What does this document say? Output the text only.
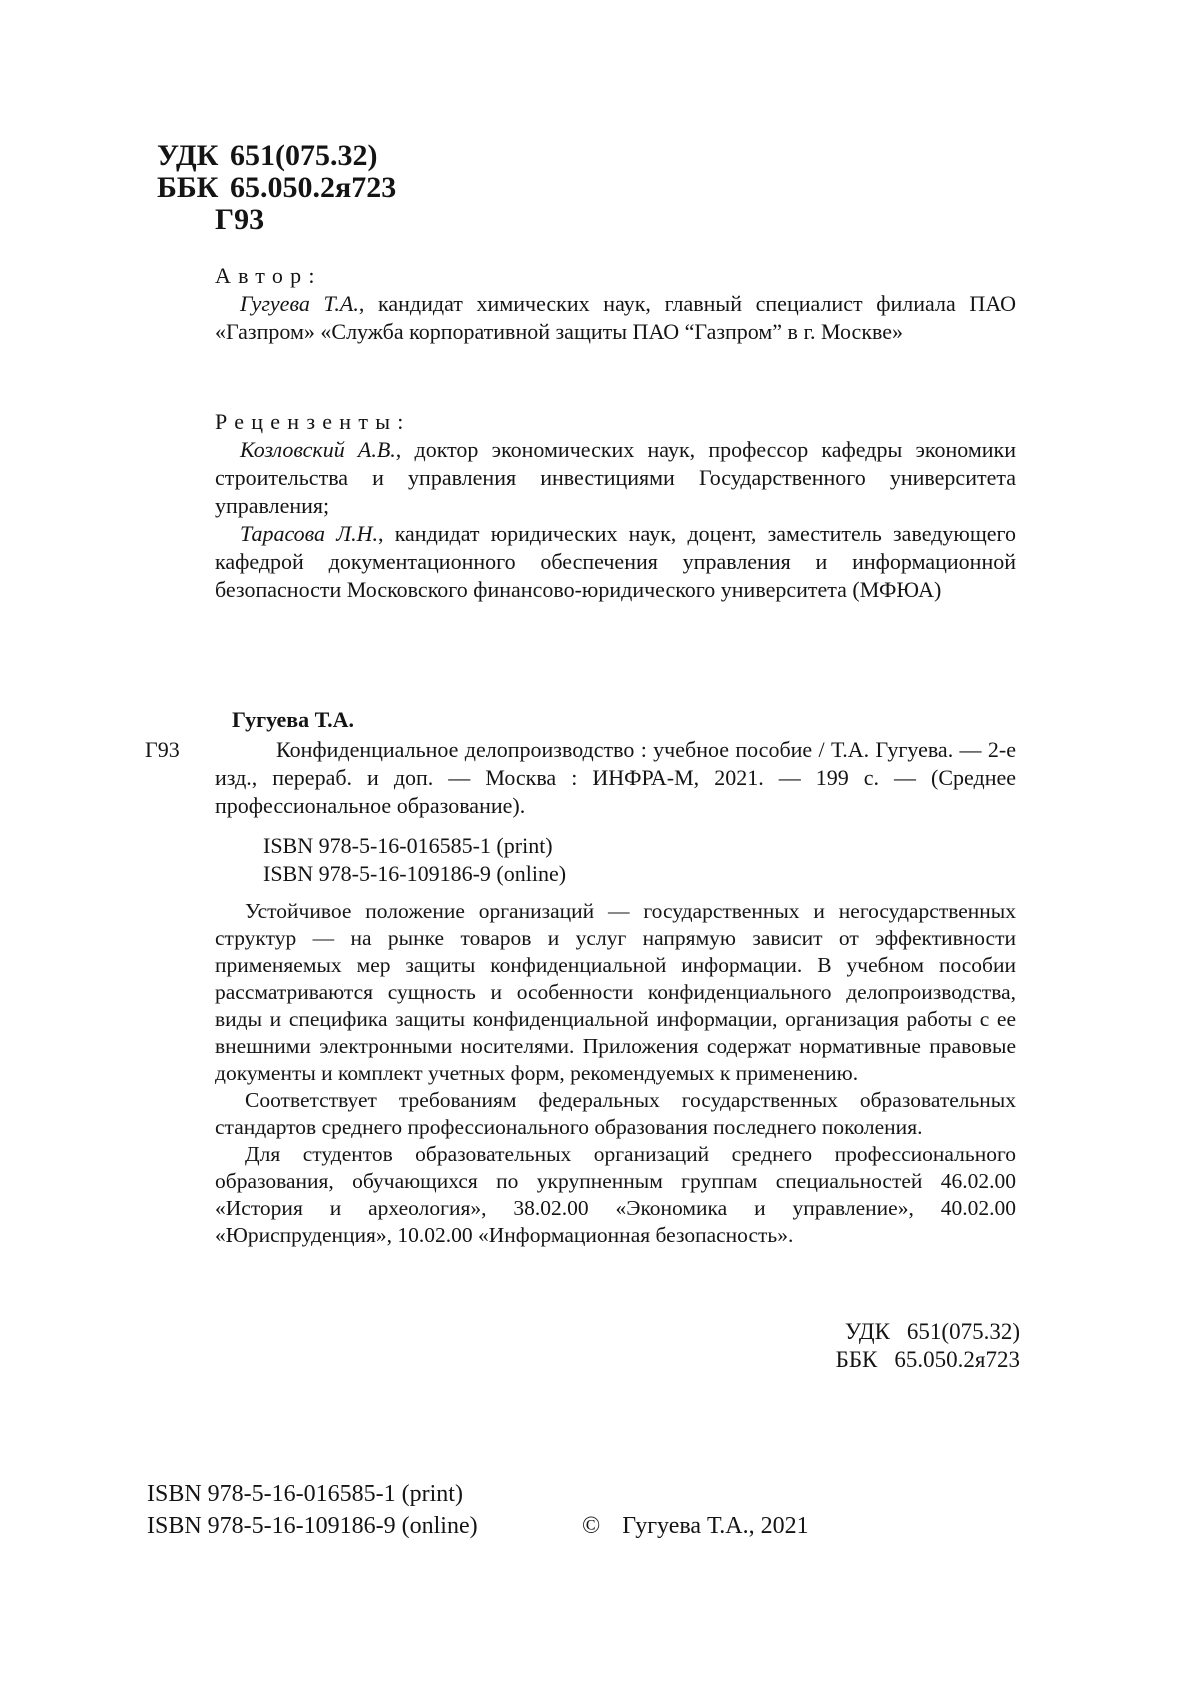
УДК 651(075.32)
ББК 65.050.2я723
Г93
Автор:

Гугуева Т.А., кандидат химических наук, главный специалист филиала ПАО «Газпром» «Служба корпоративной защиты ПАО “Газпром” в г. Москве»

Рецензенты:

Козловский А.В., доктор экономических наук, профессор кафедры экономики строительства и управления инвестициями Государственного университета управления;

Тарасова Л.Н., кандидат юридических наук, доцент, заместитель заведующего кафедрой документационного обеспечения управления и информационной безопасности Московского финансово-юридического университета (МФЮА)

Гугуева Т.А.
Г93	Конфиденциальное делопроизводство : учебное пособие / Т.А. Гугуева. — 2-е изд., перераб. и доп. — Москва : ИНФРА-М, 2021. — 199 с. — (Среднее профессиональное образование).

ISBN 978-5-16-016585-1 (print)
ISBN 978-5-16-109186-9 (online)

Устойчивое положение организаций — государственных и негосударственных структур — на рынке товаров и услуг напрямую зависит от эффективности применяемых мер защиты конфиденциальной информации. В учебном пособии рассматриваются сущность и особенности конфиденциального делопроизводства, виды и специфика защиты конфиденциальной информации, организация работы с ее внешними электронными носителями. Приложения содержат нормативные правовые документы и комплект учетных форм, рекомендуемых к применению.

Соответствует требованиям федеральных государственных образовательных стандартов среднего профессионального образования последнего поколения.

Для студентов образовательных организаций среднего профессионального образования, обучающихся по укрупненным группам специальностей 46.02.00 «История и археология», 38.02.00 «Экономика и управление», 40.02.00 «Юриспруденция», 10.02.00 «Информационная безопасность».

УДК 651(075.32)
ББК 65.050.2я723
ISBN 978-5-16-016585-1 (print)
ISBN 978-5-16-109186-9 (online)	© Гугуева Т.А., 2021
